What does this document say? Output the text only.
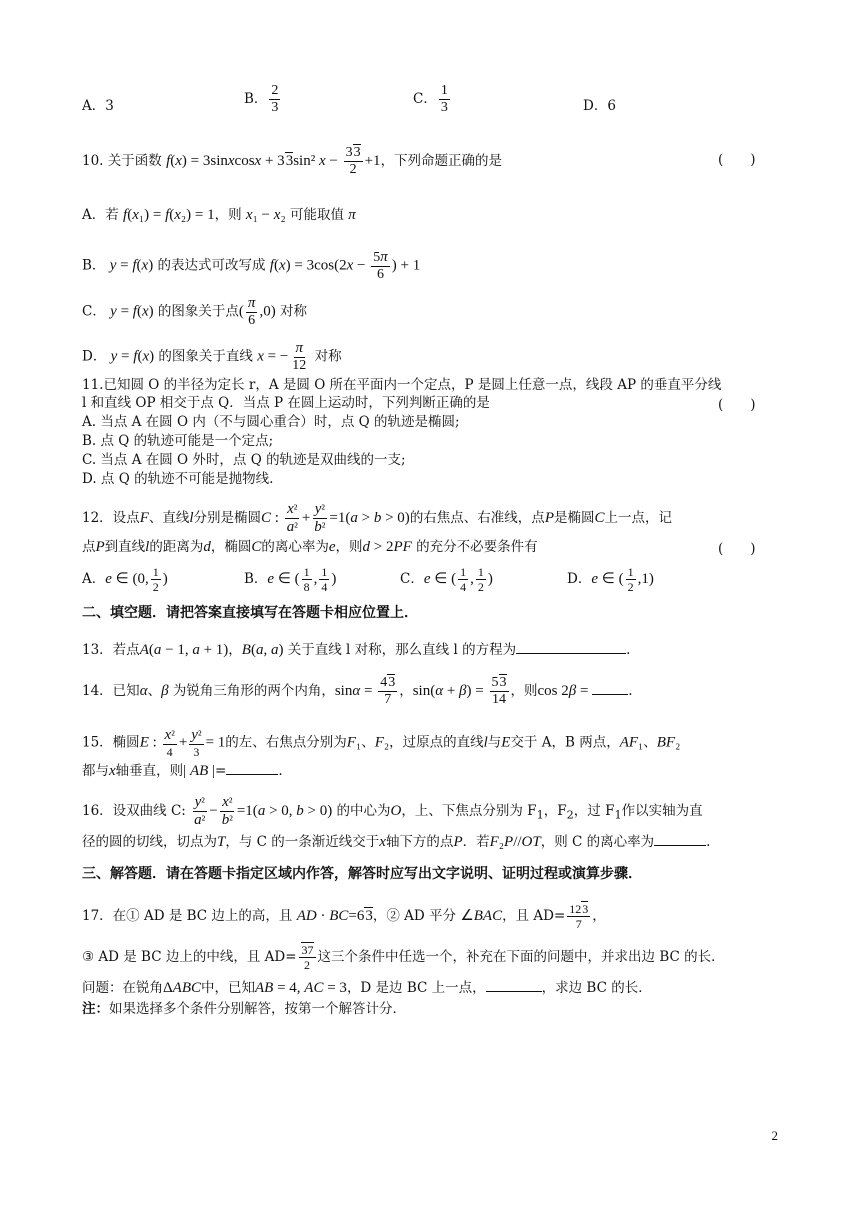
A．3	B． $\frac{2}{3}$	C． $\frac{1}{3}$	D．6
10. 关于函数 f(x) = 3sinxcosx + 33sin² $x - \frac{33}{2} +1$，下列命题正确的是	(　　)
A．若 f(x₁) = f(x₂) = 1，则 x₁ − x₂ 可能取值 π
B． y = f(x) 的表达式可改写成 $f(x) = 3\cos(2x - \frac{5\pi}{6}$ ) + 1
C． y = f(x) 的图象关于点( $\frac{\pi}{6} ,0$) 对称
D． y = f(x) 的图象关于直线 x = − $\frac{\pi}{12}$ 对称
11.已知圆 O 的半径为定长 r，A 是圆 O 所在平面内一个定点，P 是圆上任意一点，线段 AP 的垂直平分线
l 和直线 OP 相交于点 Q．当点 P 在圆上运动时，下列判断正确的是	(　　)
A. 当点 A 在圆 O 内（不与圆心重合）时，点 Q 的轨迹是椭圆;
B. 点 Q 的轨迹可能是一个定点;
C. 当点 A 在圆 O 外时，点 Q 的轨迹是双曲线的一支;
D. 点 Q 的轨迹不可能是抛物线.
12．设点F、直线l分别是椭圆C : $\frac{\text{x²}}{\text{a²}} + \frac{\text{y²}}{\text{b²}} =1(a > b > 0)$的右焦点、右准线，点P是椭圆C上一点，记
点P到直线l的距离为d，椭圆C的离心率为e，则d > 2PF 的充分不必要条件有	(　　)
A．e ∈ (0, $\frac{1}{2}$ )	B．e ∈ ( $\frac{1}{8}$ , $\frac{1}{4}$ )	C．e ∈ ( $\frac{1}{4}$ , $\frac{1}{2}$ )	D．e ∈ ( $\frac{1}{2} ,1$)
二、填空题．请把答案直接填写在答题卡相应位置上．
13．若点A(a − 1, a + 1)，B(a, a) 关于直线 l 对称，那么直线 l 的方程为	.
14．已知α、β 为锐角三角形的两个内角，$\sin\alpha = \frac{43}{7}$ ，$\sin(\alpha + \beta) = \frac{53}{14}$ ，则cos 2β =	.
15．椭圆E : $\frac{\text{x²}}{4} + \frac{\text{y²}}{3} = 1$的左、右焦点分别为F₁、F₂，过原点的直线l与E交于 A，B 两点，AF₁、BF₂
都与x轴垂直，则| AB |=	.
16．设双曲线 C: $\frac{\text{y²}}{\text{a²}} - \frac{\text{x²}}{\text{b²}} =1(a > 0$, b > 0) 的中心为O，上、下焦点分别为 $F_1$，$F_2$，过 $F_1$作以实轴为直
径的圆的切线，切点为T，与 C 的一条渐近线交于x轴下方的点P．若F₂P//OT，则 C 的离心率为	.
三、解答题．请在答题卡指定区域内作答，解答时应写出文字说明、证明过程或演算步骤．
17．在① AD 是 BC 边上的高，且 AD · BC=63，② AD 平分 ∠BAC，且 $AD= \frac{123}{7}$ ，
③ AD 是 BC 边上的中线，且 $AD= \frac{37}{2}$ 这三个条件中任选一个，补充在下面的问题中，并求出边 BC 的长．
问题：在锐角ΔABC中，已知AB = 4, AC = 3，D 是边 BC 上一点，	，求边 BC 的长．
注：如果选择多个条件分别解答，按第一个解答计分．
2
